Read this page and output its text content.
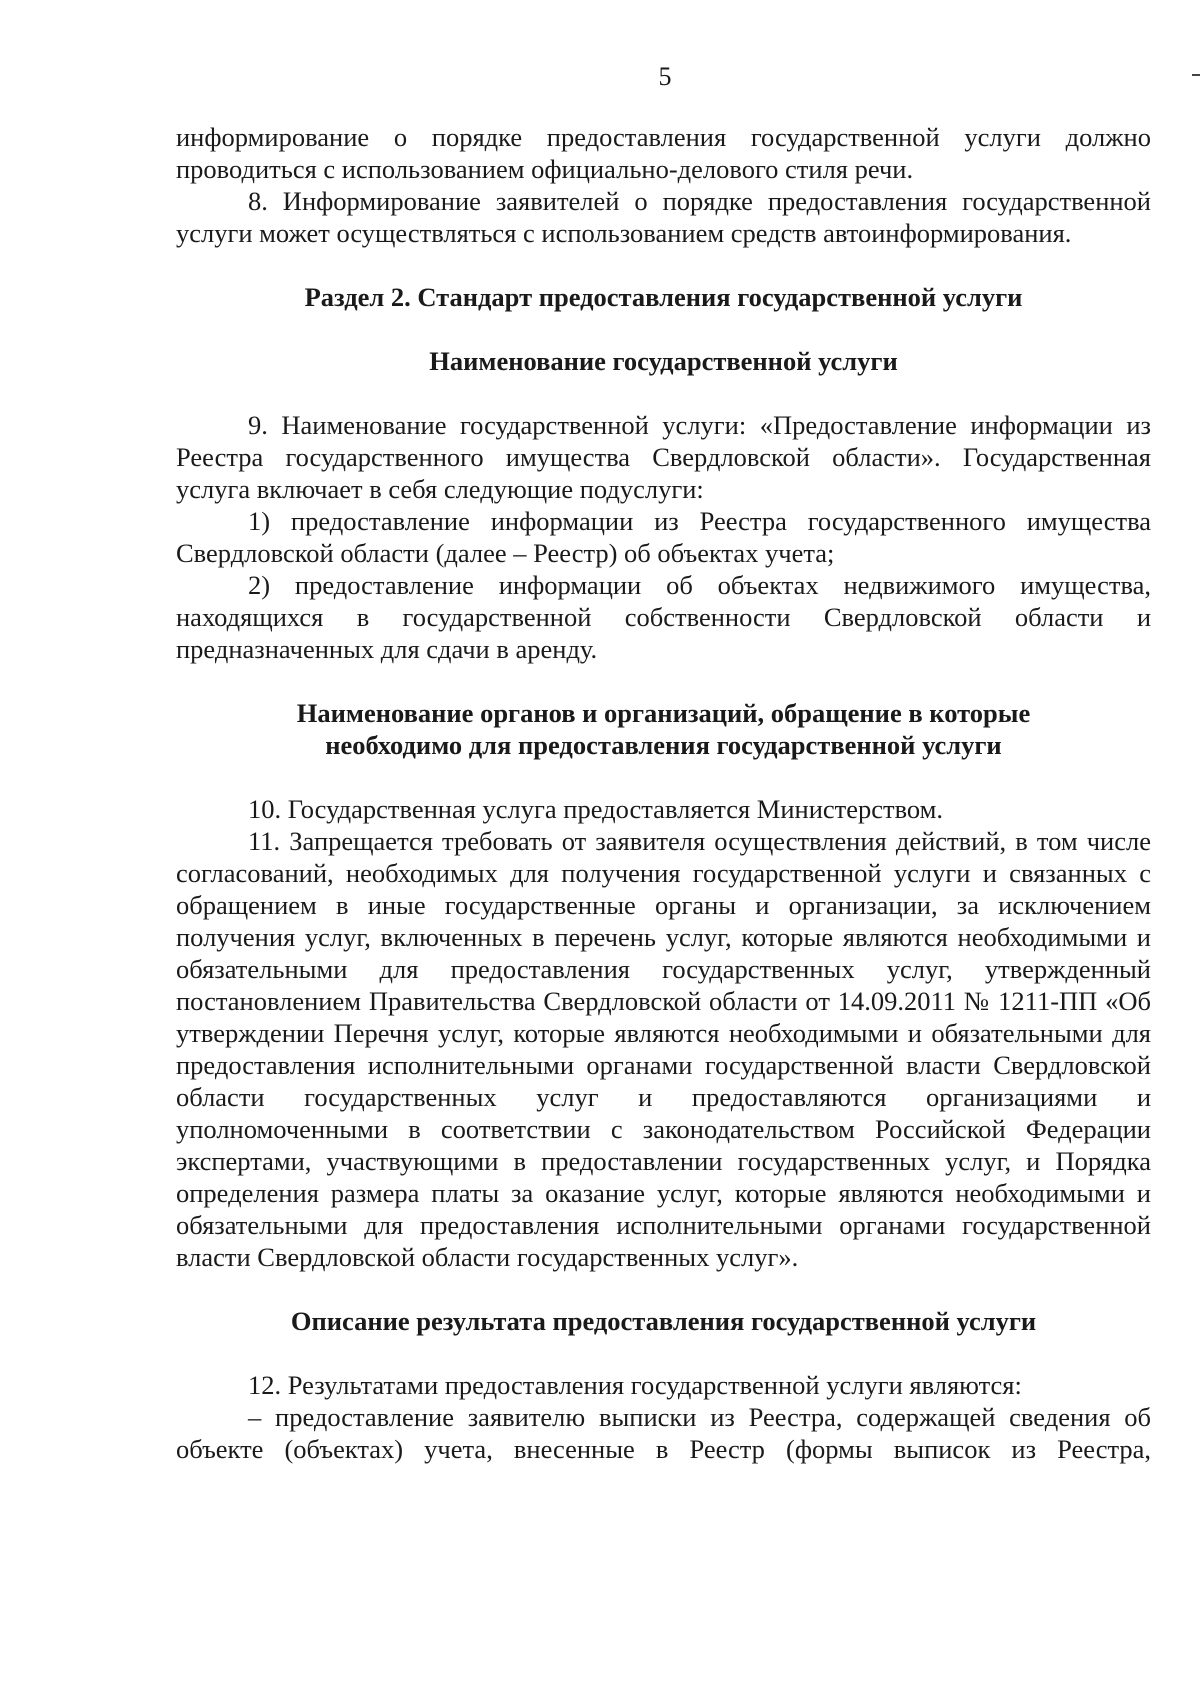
5

информирование о порядке предоставления государственной услуги должно проводиться с использованием официально-делового стиля речи.

8. Информирование заявителей о порядке предоставления государственной услуги может осуществляться с использованием средств автоинформирования.

Раздел 2. Стандарт предоставления государственной услуги
Наименование государственной услуги

9. Наименование государственной услуги: «Предоставление информации из Реестра государственного имущества Свердловской области». Государственная услуга включает в себя следующие подуслуги:

1) предоставление информации из Реестра государственного имущества Свердловской области (далее – Реестр) об объектах учета;

2) предоставление информации об объектах недвижимого имущества, находящихся в государственной собственности Свердловской области и предназначенных для сдачи в аренду.

Наименование органов и организаций, обращение в которые необходимо для предоставления государственной услуги

10. Государственная услуга предоставляется Министерством.

11. Запрещается требовать от заявителя осуществления действий, в том числе согласований, необходимых для получения государственной услуги и связанных с обращением в иные государственные органы и организации, за исключением получения услуг, включенных в перечень услуг, которые являются необходимыми и обязательными для предоставления государственных услуг, утвержденный постановлением Правительства Свердловской области от 14.09.2011 № 1211-ПП «Об утверждении Перечня услуг, которые являются необходимыми и обязательными для предоставления исполнительными органами государственной власти Свердловской области государственных услуг и предоставляются организациями и уполномоченными в соответствии с законодательством Российской Федерации экспертами, участвующими в предоставлении государственных услуг, и Порядка определения размера платы за оказание услуг, которые являются необходимыми и обязательными для предоставления исполнительными органами государственной власти Свердловской области государственных услуг».

Описание результата предоставления государственной услуги

12. Результатами предоставления государственной услуги являются:

– предоставление заявителю выписки из Реестра, содержащей сведения об объекте (объектах) учета, внесенные в Реестр (формы выписок из Реестра,
